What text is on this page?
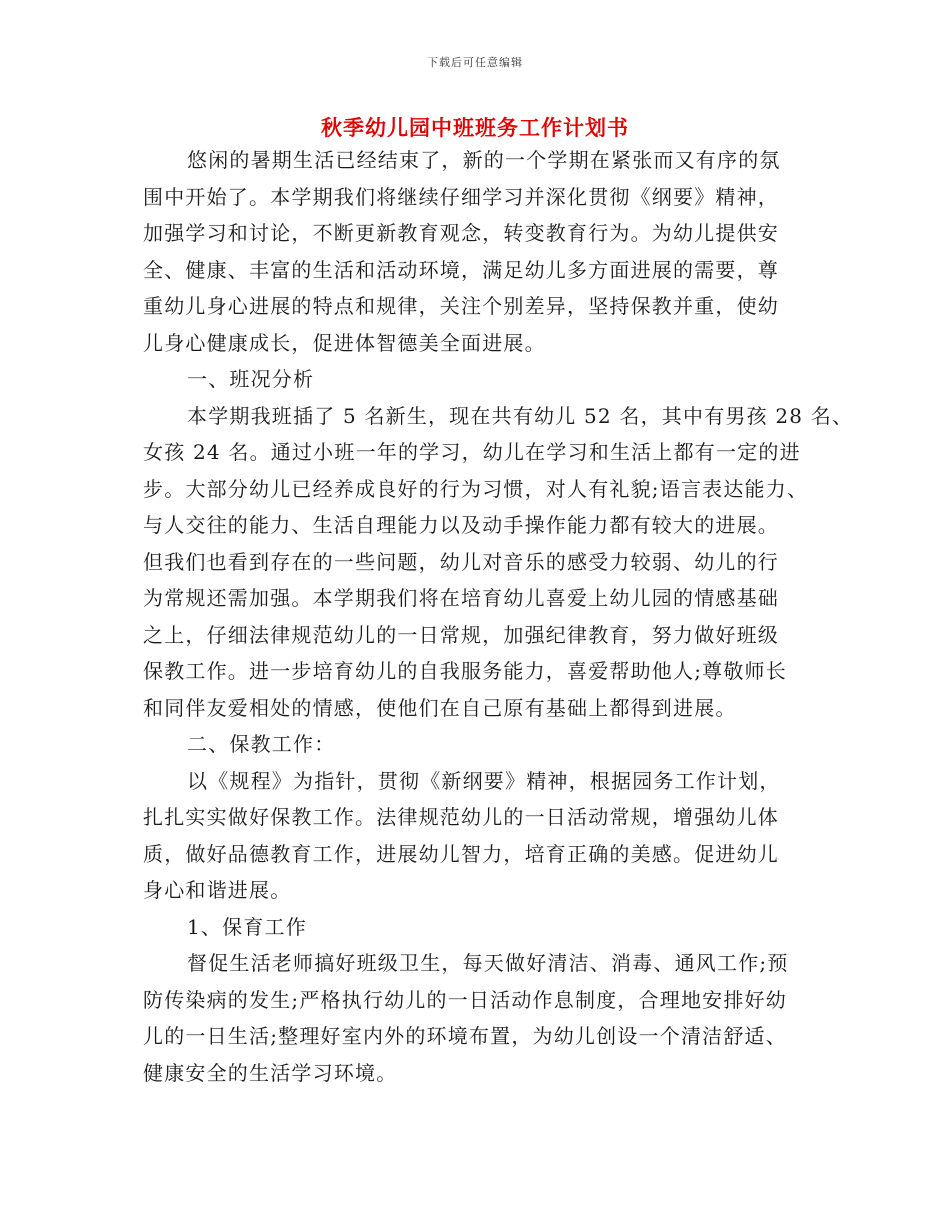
下载后可任意编辑
秋季幼儿园中班班务工作计划书
悠闲的暑期生活已经结束了，新的一个学期在紧张而又有序的氛
围中开始了。本学期我们将继续仔细学习并深化贯彻《纲要》精神，
加强学习和讨论，不断更新教育观念，转变教育行为。为幼儿提供安
全、健康、丰富的生活和活动环境，满足幼儿多方面进展的需要，尊
重幼儿身心进展的特点和规律，关注个别差异，坚持保教并重，使幼
儿身心健康成长，促进体智德美全面进展。
一、班况分析
本学期我班插了 5 名新生，现在共有幼儿 52 名，其中有男孩 28 名、
女孩 24 名。通过小班一年的学习，幼儿在学习和生活上都有一定的进
步。大部分幼儿已经养成良好的行为习惯，对人有礼貌;语言表达能力、
与人交往的能力、生活自理能力以及动手操作能力都有较大的进展。
但我们也看到存在的一些问题，幼儿对音乐的感受力较弱、幼儿的行
为常规还需加强。本学期我们将在培育幼儿喜爱上幼儿园的情感基础
之上，仔细法律规范幼儿的一日常规，加强纪律教育，努力做好班级
保教工作。进一步培育幼儿的自我服务能力，喜爱帮助他人;尊敬师长
和同伴友爱相处的情感，使他们在自己原有基础上都得到进展。
二、保教工作：
以《规程》为指针，贯彻《新纲要》精神，根据园务工作计划，
扎扎实实做好保教工作。法律规范幼儿的一日活动常规，增强幼儿体
质，做好品德教育工作，进展幼儿智力，培育正确的美感。促进幼儿
身心和谐进展。
1、保育工作
督促生活老师搞好班级卫生，每天做好清洁、消毒、通风工作;预
防传染病的发生;严格执行幼儿的一日活动作息制度，合理地安排好幼
儿的一日生活;整理好室内外的环境布置，为幼儿创设一个清洁舒适、
健康安全的生活学习环境。
